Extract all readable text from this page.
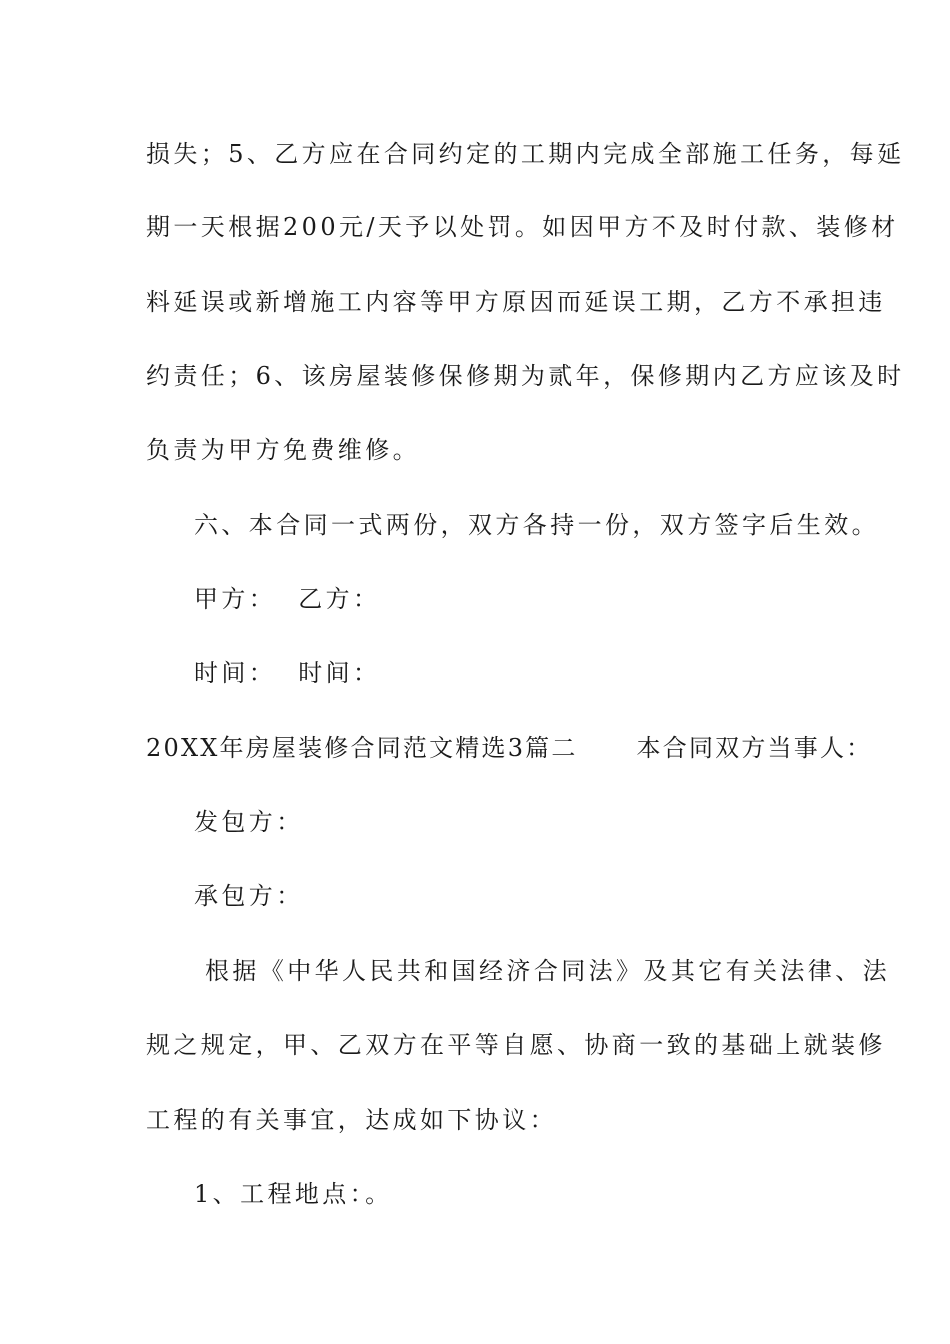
损失；5、乙方应在合同约定的工期内完成全部施工任务，每延
期一天根据200元/天予以处罚。如因甲方不及时付款、装修材
料延误或新增施工内容等甲方原因而延误工期，乙方不承担违
约责任；6、该房屋装修保修期为贰年，保修期内乙方应该及时
负责为甲方免费维修。
六、本合同一式两份，双方各持一份，双方签字后生效。
甲方：  乙方：
时间：  时间：
20XX年房屋装修合同范文精选3篇二      本合同双方当事人：
发包方：
承包方：
根据《中华人民共和国经济合同法》及其它有关法律、法
规之规定，甲、乙双方在平等自愿、协商一致的基础上就装修
工程的有关事宜，达成如下协议：
1、工程地点：。
